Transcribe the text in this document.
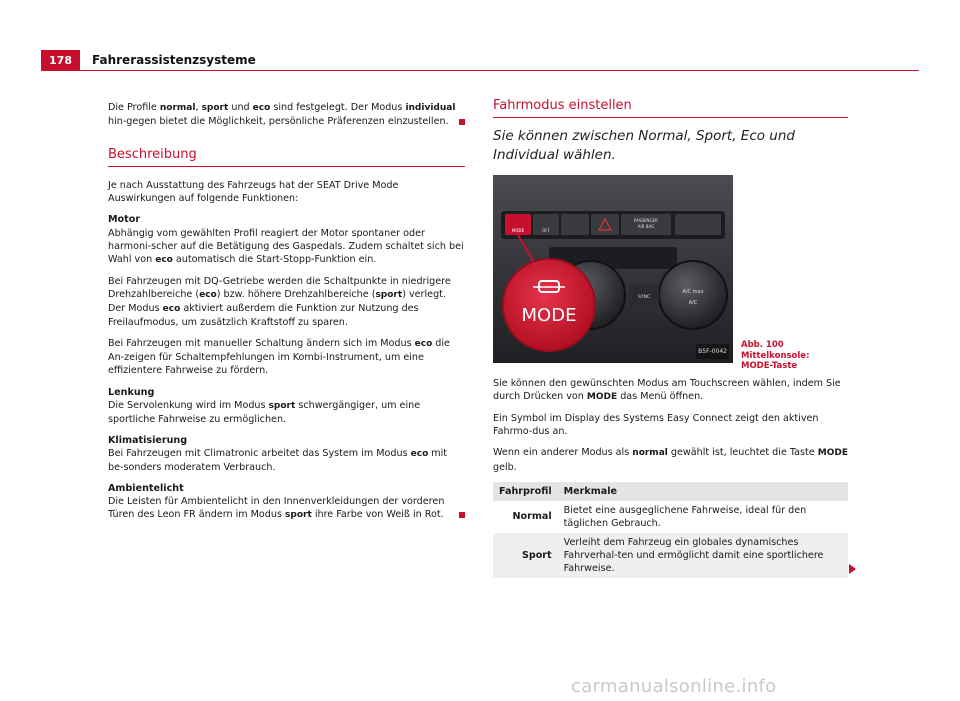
178	Fahrerassistenzsysteme

Die Profile normal, sport und eco sind festgelegt. Der Modus individual hin-gegen bietet die Möglichkeit, persönliche Präferenzen einzustellen.

Beschreibung

Je nach Ausstattung des Fahrzeugs hat der SEAT Drive Mode Auswirkungen auf folgende Funktionen:

Motor
Abhängig vom gewählten Profil reagiert der Motor spontaner oder harmoni-scher auf die Betätigung des Gaspedals. Zudem schaltet sich bei Wahl von eco automatisch die Start-Stopp-Funktion ein.

Bei Fahrzeugen mit DQ-Getriebe werden die Schaltpunkte in niedrigere Drehzahlbereiche (eco) bzw. höhere Drehzahlbereiche (sport) verlegt. Der Modus eco aktiviert außerdem die Funktion zur Nutzung des Freilaufmodus, um zusätzlich Kraftstoff zu sparen.

Bei Fahrzeugen mit manueller Schaltung ändern sich im Modus eco die An-zeigen für Schaltempfehlungen im Kombi-Instrument, um eine effizientere Fahrweise zu fördern.

Lenkung
Die Servolenkung wird im Modus sport schwergängiger, um eine sportliche Fahrweise zu ermöglichen.

Klimatisierung
Bei Fahrzeugen mit Climatronic arbeitet das System im Modus eco mit be-sonders moderatem Verbrauch.

Ambientelicht
Die Leisten für Ambientelicht in den Innenverkleidungen der vorderen Türen des Leon FR ändern im Modus sport ihre Farbe von Weiß in Rot.

Fahrmodus einstellen

Sie können zwischen Normal, Sport, Eco und Individual wählen.

MODE	OFF
PASSENGER
AIR BAG
A/C max
A/C
SYNC
MODE
B5F-0042
Abb. 100 Mittelkonsole:
MODE-Taste

Sie können den gewünschten Modus am Touchscreen wählen, indem Sie durch Drücken von MODE das Menü öffnen.

Ein Symbol im Display des Systems Easy Connect zeigt den aktiven Fahrmo-dus an.

Wenn ein anderer Modus als normal gewählt ist, leuchtet die Taste MODE gelb.

Fahrprofil	Merkmale
Normal	Bietet eine ausgeglichene Fahrweise, ideal für den täglichen Gebrauch.
Sport	Verleiht dem Fahrzeug ein globales dynamisches Fahrverhal-ten und ermöglicht damit eine sportlichere Fahrweise.
carmanualsonline.info
